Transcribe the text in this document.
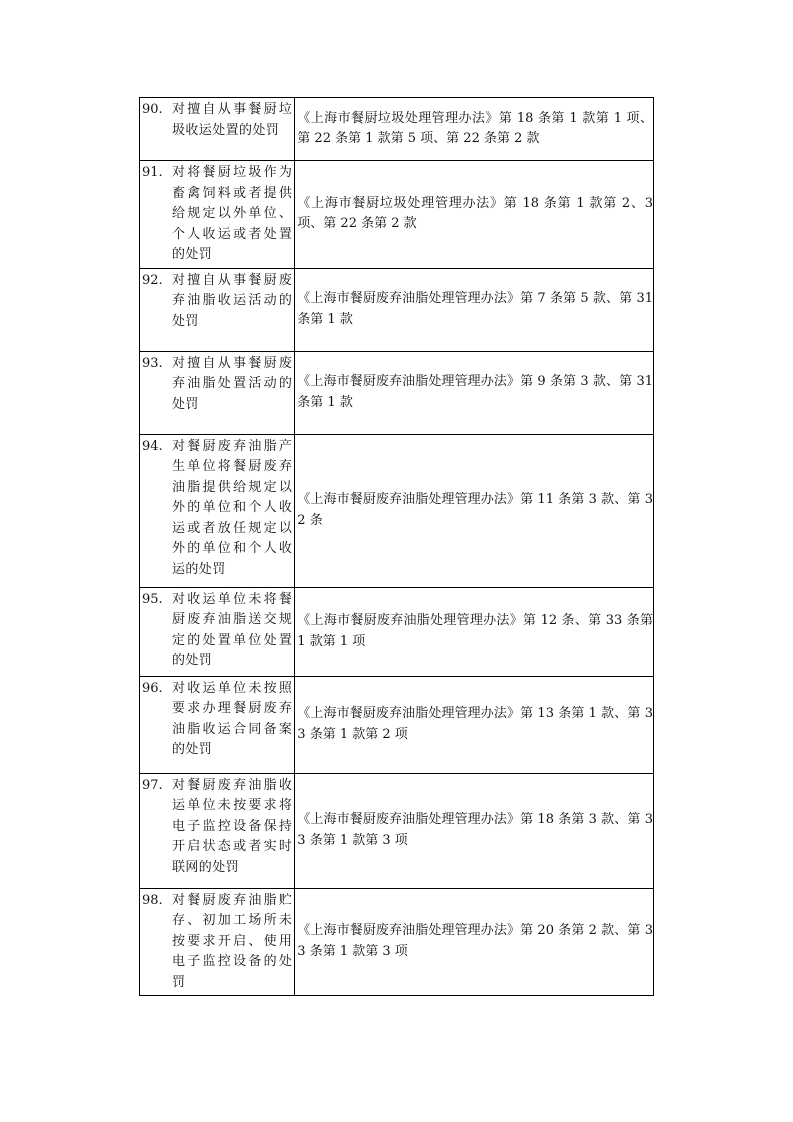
90. 对擅自从事餐厨垃圾收运处置的处罚	《上海市餐厨垃圾处理管理办法》第 18 条第 1 款第 1 项、第 22 条第 1 款第 5 项、第 22 条第 2 款

91. 对将餐厨垃圾作为畜禽饲料或者提供给规定以外单位、个人收运或者处置的处罚	《上海市餐厨垃圾处理管理办法》第 18 条第 1 款第 2、3 项、第 22 条第 2 款

92. 对擅自从事餐厨废弃油脂收运活动的处罚	《上海市餐厨废弃油脂处理管理办法》第 7 条第 5 款、第 31 条第 1 款

93. 对擅自从事餐厨废弃油脂处置活动的处罚	《上海市餐厨废弃油脂处理管理办法》第 9 条第 3 款、第 31 条第 1 款

94. 对餐厨废弃油脂产生单位将餐厨废弃油脂提供给规定以外的单位和个人收运或者放任规定以外的单位和个人收运的处罚	《上海市餐厨废弃油脂处理管理办法》第 11 条第 3 款、第 32 条

95. 对收运单位未将餐厨废弃油脂送交规定的处置单位处置的处罚	《上海市餐厨废弃油脂处理管理办法》第 12 条、第 33 条第 1 款第 1 项

96. 对收运单位未按照要求办理餐厨废弃油脂收运合同备案的处罚	《上海市餐厨废弃油脂处理管理办法》第 13 条第 1 款、第 33 条第 1 款第 2 项

97. 对餐厨废弃油脂收运单位未按要求将电子监控设备保持开启状态或者实时联网的处罚	《上海市餐厨废弃油脂处理管理办法》第 18 条第 3 款、第 33 条第 1 款第 3 项

98. 对餐厨废弃油脂贮存、初加工场所未按要求开启、使用电子监控设备的处罚	《上海市餐厨废弃油脂处理管理办法》第 20 条第 2 款、第 33 条第 1 款第 3 项
